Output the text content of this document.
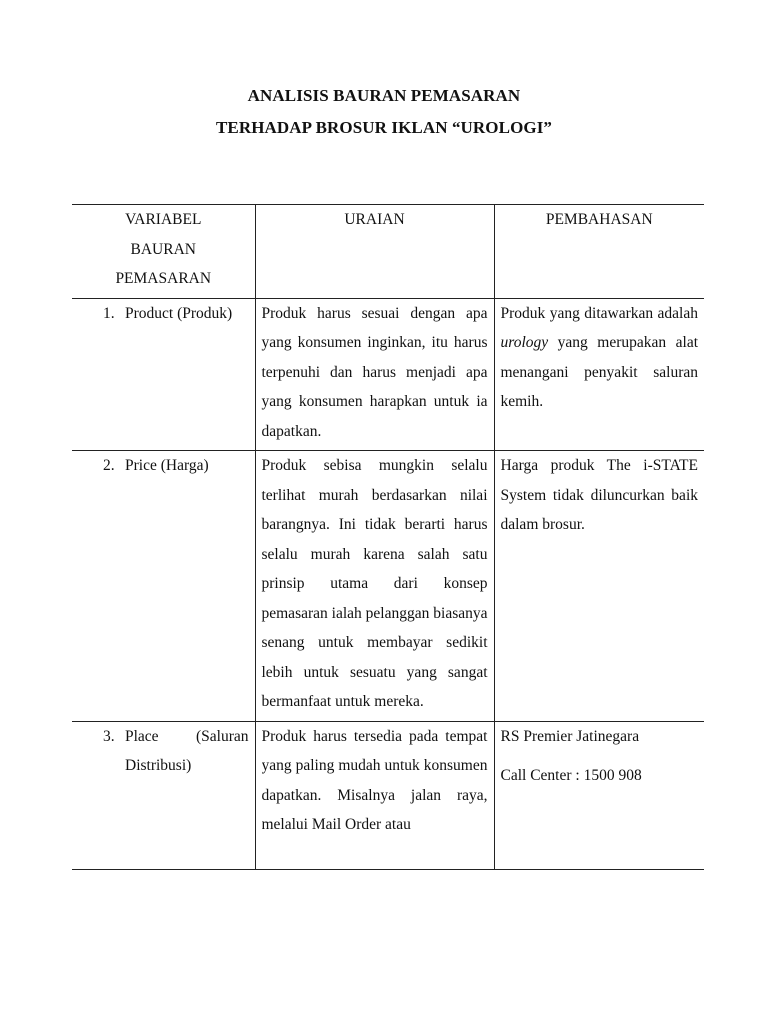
ANALISIS BAURAN PEMASARAN
TERHADAP BROSUR IKLAN “UROLOGI”
VARIABEL BAURAN PEMASARAN	URAIAN	PEMBAHASAN

1. Product (Produk)	Produk harus sesuai dengan apa yang konsumen inginkan, itu harus terpenuhi dan harus menjadi apa yang konsumen harapkan untuk ia dapatkan.	Produk yang ditawarkan adalah urology yang merupakan alat menangani penyakit saluran kemih.

2. Price (Harga)	Produk sebisa mungkin selalu terlihat murah berdasarkan nilai barangnya. Ini tidak berarti harus selalu murah karena salah satu prinsip utama dari konsep pemasaran ialah pelanggan biasanya senang untuk membayar sedikit lebih untuk sesuatu yang sangat bermanfaat untuk mereka.	Harga produk The i-STATE System tidak diluncurkan baik dalam brosur.

3. Place (Saluran Distribusi)	Produk harus tersedia pada tempat yang paling mudah untuk konsumen dapatkan. Misalnya jalan raya, melalui Mail Order atau	RS Premier Jatinegara
Call Center : 1500 908
